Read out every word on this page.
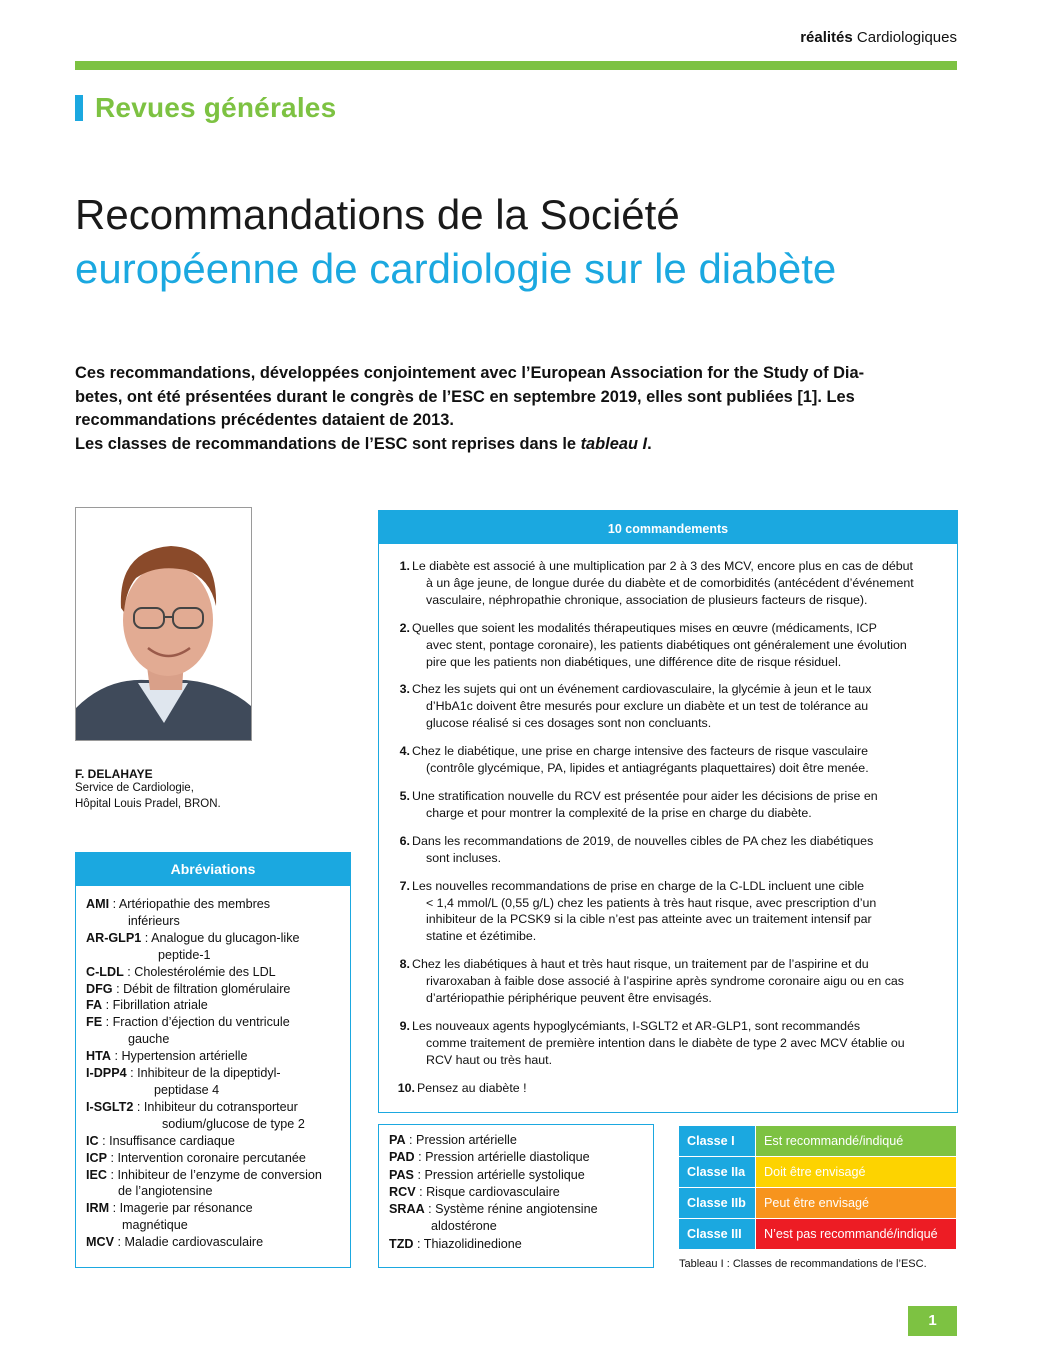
réalités Cardiologiques
Revues générales
Recommandations de la Société
européenne de cardiologie sur le diabète
Ces recommandations, développées conjointement avec l’European Association for the Study of Dia-
betes, ont été présentées durant le congrès de l’ESC en septembre 2019, elles sont publiées [1]. Les
recommandations précédentes dataient de 2013.
Les classes de recommandations de l’ESC sont reprises dans le tableau I.
F. DELAHAYE
Service de Cardiologie,
Hôpital Louis Pradel, BRON.
Abréviations
AMI : Artériopathie des membres
inférieurs
AR-GLP1 : Analogue du glucagon-like
peptide-1
C-LDL : Cholestérolémie des LDL
DFG : Débit de filtration glomérulaire
FA : Fibrillation atriale
FE : Fraction d’éjection du ventricule
gauche
HTA : Hypertension artérielle
I-DPP4 : Inhibiteur de la dipeptidyl-
peptidase 4
I-SGLT2 : Inhibiteur du cotransporteur
sodium/glucose de type 2
IC : Insuffisance cardiaque
ICP : Intervention coronaire percutanée
IEC : Inhibiteur de l’enzyme de conversion
de l’angiotensine
IRM : Imagerie par résonance
magnétique
MCV : Maladie cardiovasculaire
10 commandements
1. Le diabète est associé à une multiplication par 2 à 3 des MCV, encore plus en cas de début
à un âge jeune, de longue durée du diabète et de comorbidités (antécédent d’événement
vasculaire, néphropathie chronique, association de plusieurs facteurs de risque).
2. Quelles que soient les modalités thérapeutiques mises en œuvre (médicaments, ICP
avec stent, pontage coronaire), les patients diabétiques ont généralement une évolution
pire que les patients non diabétiques, une différence dite de risque résiduel.
3. Chez les sujets qui ont un événement cardiovasculaire, la glycémie à jeun et le taux
d’HbA1c doivent être mesurés pour exclure un diabète et un test de tolérance au
glucose réalisé si ces dosages sont non concluants.
4. Chez le diabétique, une prise en charge intensive des facteurs de risque vasculaire
(contrôle glycémique, PA, lipides et antiagrégants plaquettaires) doit être menée.
5. Une stratification nouvelle du RCV est présentée pour aider les décisions de prise en
charge et pour montrer la complexité de la prise en charge du diabète.
6. Dans les recommandations de 2019, de nouvelles cibles de PA chez les diabétiques
sont incluses.
7. Les nouvelles recommandations de prise en charge de la C-LDL incluent une cible
< 1,4 mmol/L (0,55 g/L) chez les patients à très haut risque, avec prescription d’un
inhibiteur de la PCSK9 si la cible n’est pas atteinte avec un traitement intensif par
statine et ézétimibe.
8. Chez les diabétiques à haut et très haut risque, un traitement par de l’aspirine et du
rivaroxaban à faible dose associé à l’aspirine après syndrome coronaire aigu ou en cas
d’artériopathie périphérique peuvent être envisagés.
9. Les nouveaux agents hypoglycémiants, I-SGLT2 et AR-GLP1, sont recommandés
comme traitement de première intention dans le diabète de type 2 avec MCV établie ou
RCV haut ou très haut.
10. Pensez au diabète !
PA : Pression artérielle
PAD : Pression artérielle diastolique
PAS : Pression artérielle systolique
RCV : Risque cardiovasculaire
SRAA : Système rénine angiotensine
aldostérone
TZD : Thiazolidinedione
Classe I	Est recommandé/indiqué
Classe IIa	Doit être envisagé
Classe IIb	Peut être envisagé
Classe III	N’est pas recommandé/indiqué
Tableau I : Classes de recommandations de l’ESC.
1
